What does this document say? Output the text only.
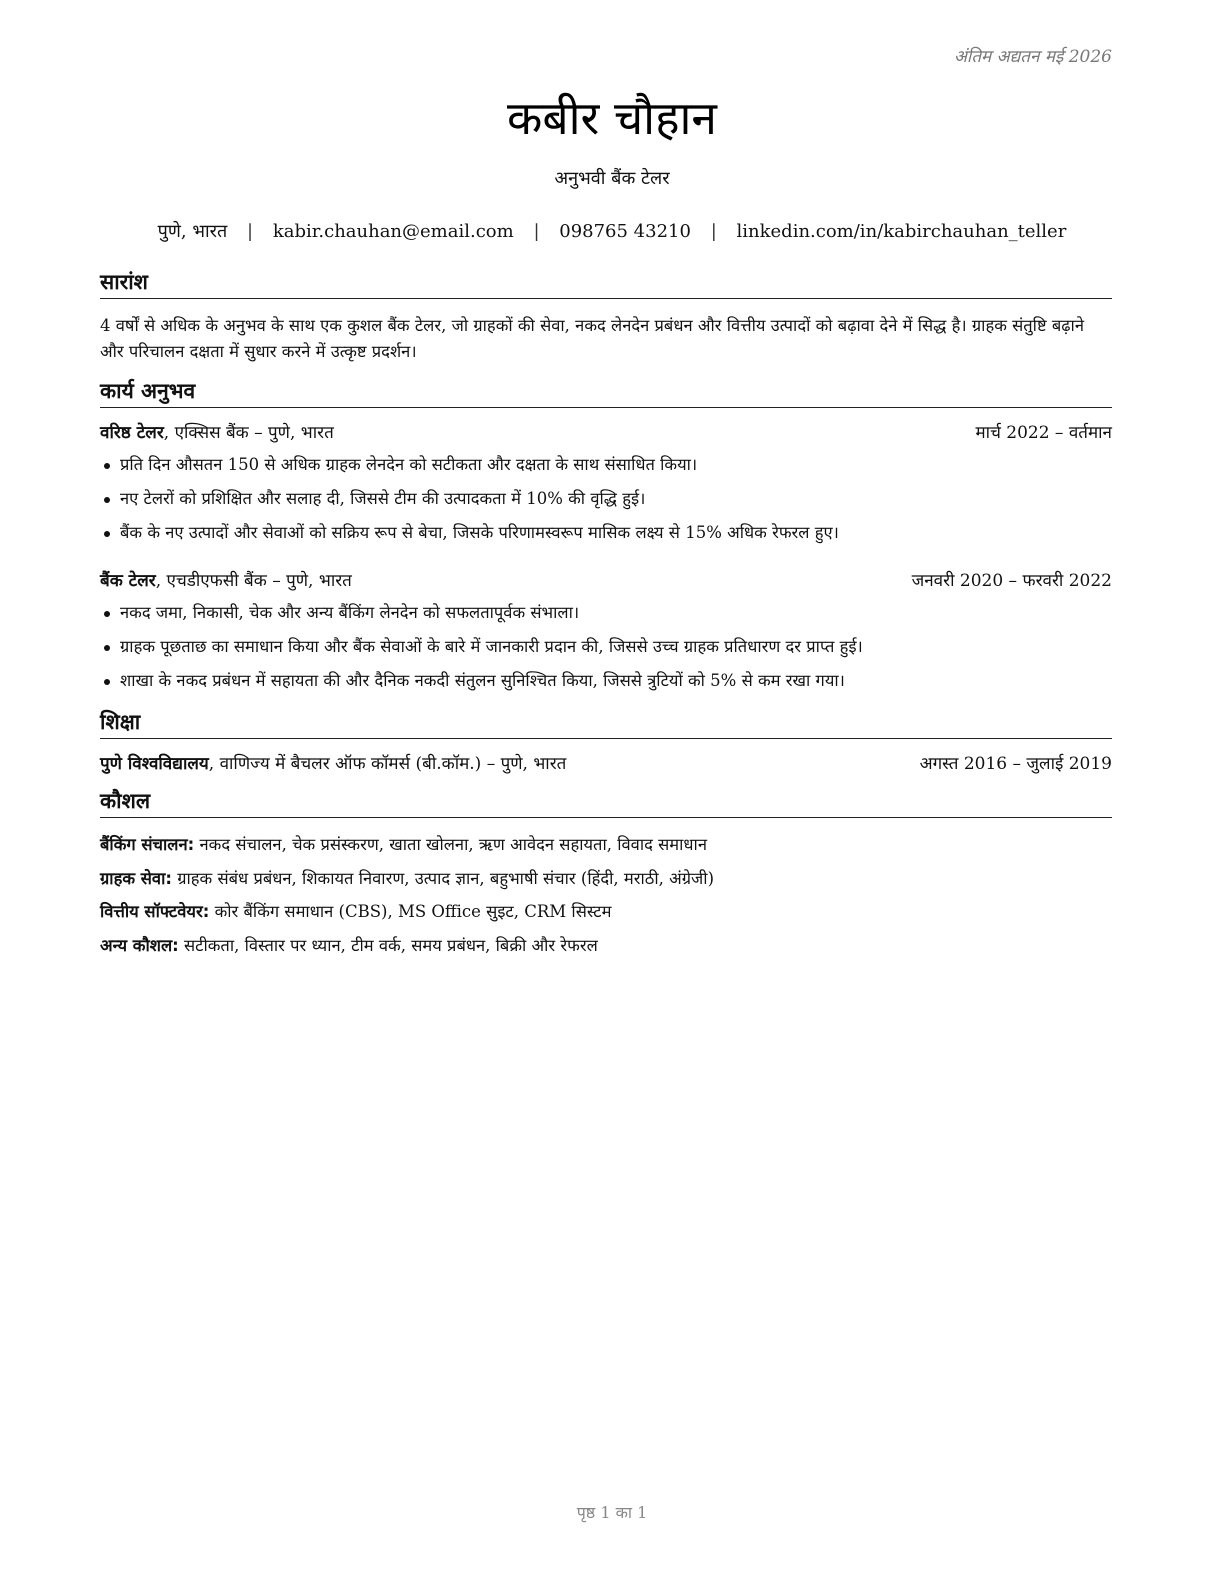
अंतिम अद्यतन मई 2026
कबीर चौहान
अनुभवी बैंक टेलर
पुणे, भारत | kabir.chauhan@email.com | 098765 43210 | linkedin.com/in/kabirchauhan_teller
सारांश

4 वर्षों से अधिक के अनुभव के साथ एक कुशल बैंक टेलर, जो ग्राहकों की सेवा, नकद लेनदेन प्रबंधन और वित्तीय उत्पादों को बढ़ावा देने में सिद्ध है। ग्राहक संतुष्टि बढ़ाने और परिचालन दक्षता में सुधार करने में उत्कृष्ट प्रदर्शन।

कार्य अनुभव
वरिष्ठ टेलर, एक्सिस बैंक – पुणे, भारत	मार्च 2022 – वर्तमान
प्रति दिन औसतन 150 से अधिक ग्राहक लेनदेन को सटीकता और दक्षता के साथ संसाधित किया।
नए टेलरों को प्रशिक्षित और सलाह दी, जिससे टीम की उत्पादकता में 10% की वृद्धि हुई।
बैंक के नए उत्पादों और सेवाओं को सक्रिय रूप से बेचा, जिसके परिणामस्वरूप मासिक लक्ष्य से 15% अधिक रेफरल हुए।
बैंक टेलर, एचडीएफसी बैंक – पुणे, भारत	जनवरी 2020 – फरवरी 2022
नकद जमा, निकासी, चेक और अन्य बैंकिंग लेनदेन को सफलतापूर्वक संभाला।
ग्राहक पूछताछ का समाधान किया और बैंक सेवाओं के बारे में जानकारी प्रदान की, जिससे उच्च ग्राहक प्रतिधारण दर प्राप्त हुई।
शाखा के नकद प्रबंधन में सहायता की और दैनिक नकदी संतुलन सुनिश्चित किया, जिससे त्रुटियों को 5% से कम रखा गया।
शिक्षा
पुणे विश्वविद्यालय, वाणिज्य में बैचलर ऑफ कॉमर्स (बी.कॉम.) – पुणे, भारत	अगस्त 2016 – जुलाई 2019
कौशल
बैंकिंग संचालन: नकद संचालन, चेक प्रसंस्करण, खाता खोलना, ऋण आवेदन सहायता, विवाद समाधान
ग्राहक सेवा: ग्राहक संबंध प्रबंधन, शिकायत निवारण, उत्पाद ज्ञान, बहुभाषी संचार (हिंदी, मराठी, अंग्रेजी)
वित्तीय सॉफ्टवेयर: कोर बैंकिंग समाधान (CBS), MS Office सुइट, CRM सिस्टम
अन्य कौशल: सटीकता, विस्तार पर ध्यान, टीम वर्क, समय प्रबंधन, बिक्री और रेफरल
पृष्ठ 1 का 1
